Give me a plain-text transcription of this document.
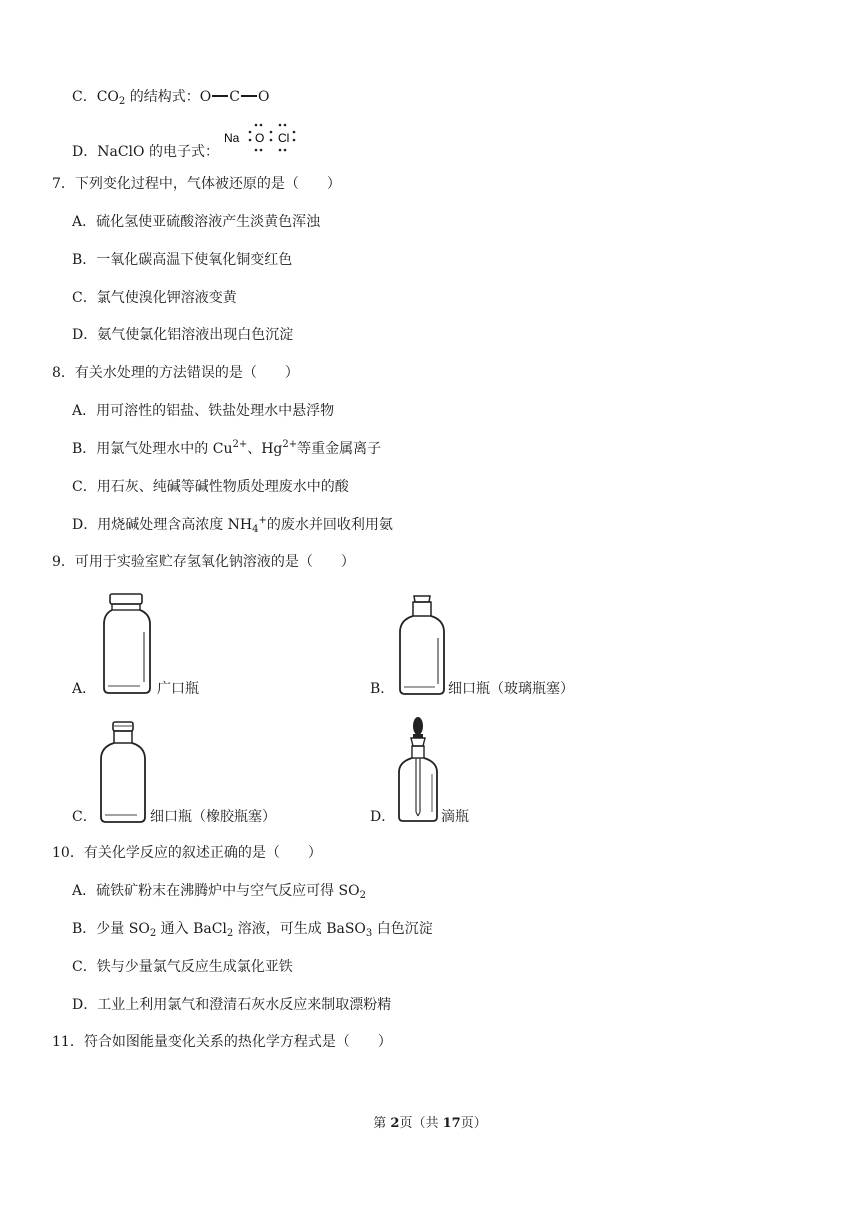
C．$CO_2$ 的结构式：O C O
D．NaClO 的电子式：
Na O Cl
7．下列变化过程中，气体被还原的是（　　）
A．硫化氢使亚硫酸溶液产生淡黄色浑浊
B．一氧化碳高温下使氧化铜变红色
C．氯气使溴化钾溶液变黄
D．氨气使氯化铝溶液出现白色沉淀
8．有关水处理的方法错误的是（　　）
A．用可溶性的铝盐、铁盐处理水中悬浮物
B．用氯气处理水中的 $Cu^{2+}$、$Hg^{2+}$等重金属离子
C．用石灰、纯碱等碱性物质处理废水中的酸
D．用烧碱处理含高浓度 $NH_4^+$的废水并回收利用氨
9．可用于实验室贮存氢氧化钠溶液的是（　　）
A．	广口瓶	B．	细口瓶（玻璃瓶塞）
C．	细口瓶（橡胶瓶塞）	D．	滴瓶
10．有关化学反应的叙述正确的是（　　）
A．硫铁矿粉末在沸腾炉中与空气反应可得 $SO_2$
B．少量 $SO_2$ 通入 BaCl$_2$ 溶液，可生成 BaSO$_3$ 白色沉淀
C．铁与少量氯气反应生成氯化亚铁
D．工业上利用氯气和澄清石灰水反应来制取漂粉精
11．符合如图能量变化关系的热化学方程式是（　　）
第 2页（共 17页）
